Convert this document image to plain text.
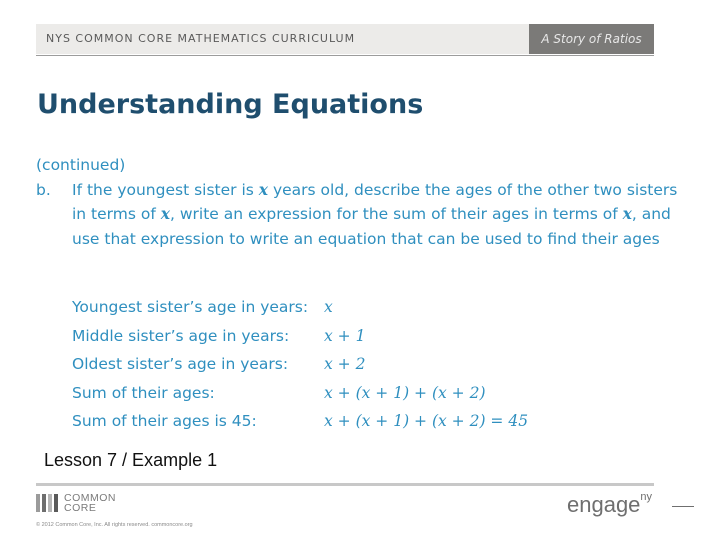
NYS COMMON CORE MATHEMATICS CURRICULUM	A Story of Ratios
Understanding Equations
(continued)
b. If the youngest sister is x years old, describe the ages of the other two sisters in terms of x, write an expression for the sum of their ages in terms of x, and use that expression to write an equation that can be used to find their ages
Youngest sister’s age in years:	x
Middle sister’s age in years:	x + 1
Oldest sister’s age in years:	x + 2
Sum of their ages:	x + (x + 1) + (x + 2)
Sum of their ages is 45:	x + (x + 1) + (x + 2) = 45
Lesson 7 / Example 1
COMMON
CORE
© 2012 Common Core, Inc. All rights reserved. commoncore.org
engage$^{ny}$
